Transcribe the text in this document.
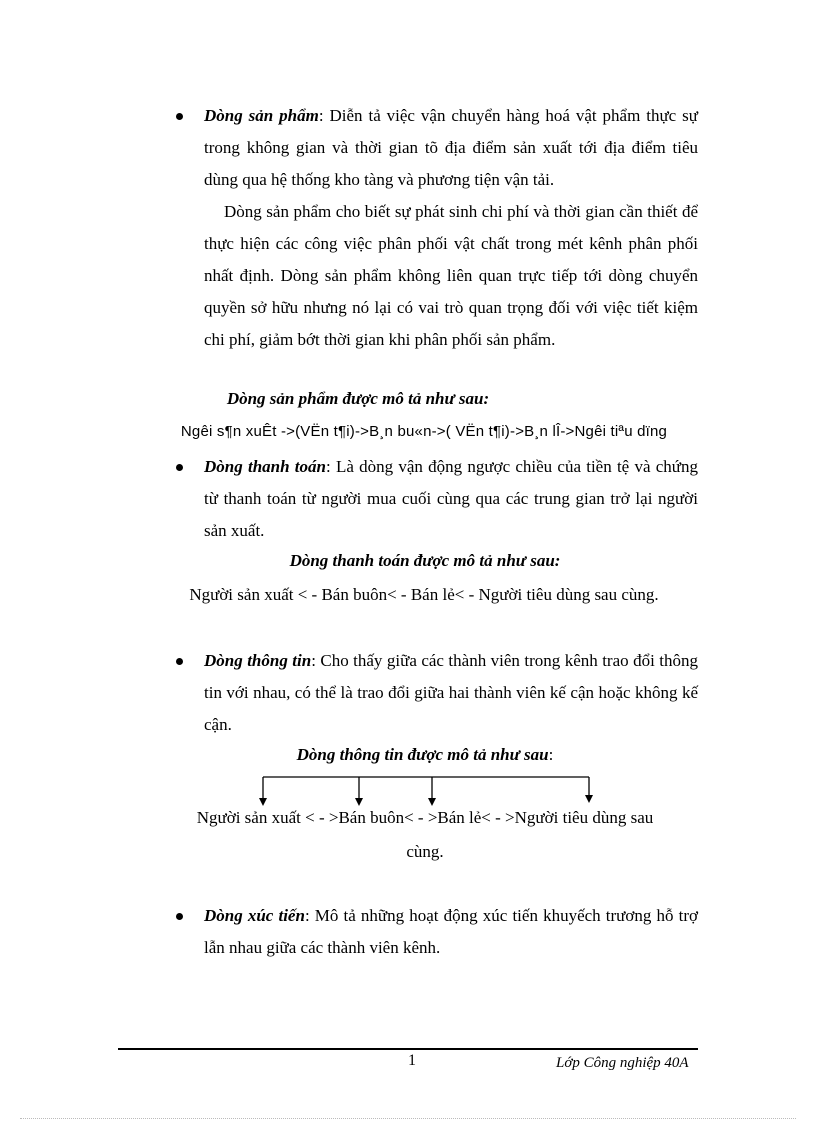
Dòng sản phẩm: Diễn tả việc vận chuyển hàng hoá vật phẩm thực sự trong không gian và thời gian tõ địa điểm sản xuất tới địa điểm tiêu dùng qua hệ thống kho tàng và phương tiện vận tải.
Dòng sản phẩm cho biết sự phát sinh chi phí và thời gian cần thiết để thực hiện các công việc phân phối vật chất trong mét kênh phân phối nhất định. Dòng sản phẩm không liên quan trực tiếp tới dòng chuyển quyền sở hữu nhưng nó lại có vai trò quan trọng đối với việc tiết kiệm chi phí, giảm bớt thời gian khi phân phối sản phẩm.
Dòng sản phẩm được mô tả như sau:
Ngêi s¶n xuÊt ->(VËn t¶i)->B¸n bu«n->( VËn t¶i)->B¸n lÎ->Ngêi tiªu dïng
Dòng thanh toán: Là dòng vận động ngược chiều của tiền tệ và chứng từ thanh toán từ người mua cuối cùng qua các trung gian trở lại người sản xuất.
Dòng thanh toán được mô tả như sau:
Người sản xuất < - Bán buôn< - Bán lẻ< - Người tiêu dùng sau cùng.
Dòng thông tin: Cho thấy giữa các thành viên trong kênh trao đổi thông tin với nhau, có thể là trao đổi giữa hai thành viên kế cận hoặc không kế cận.
Dòng thông tin được mô tả như sau:
Người sản xuất < - >Bán buôn< - >Bán lẻ< - >Người tiêu dùng sau
cùng.
Dòng xúc tiến: Mô tả những hoạt động xúc tiến khuyếch trương hỗ trợ lẫn nhau giữa các thành viên kênh.
1	Lớp Công nghiệp 40A
